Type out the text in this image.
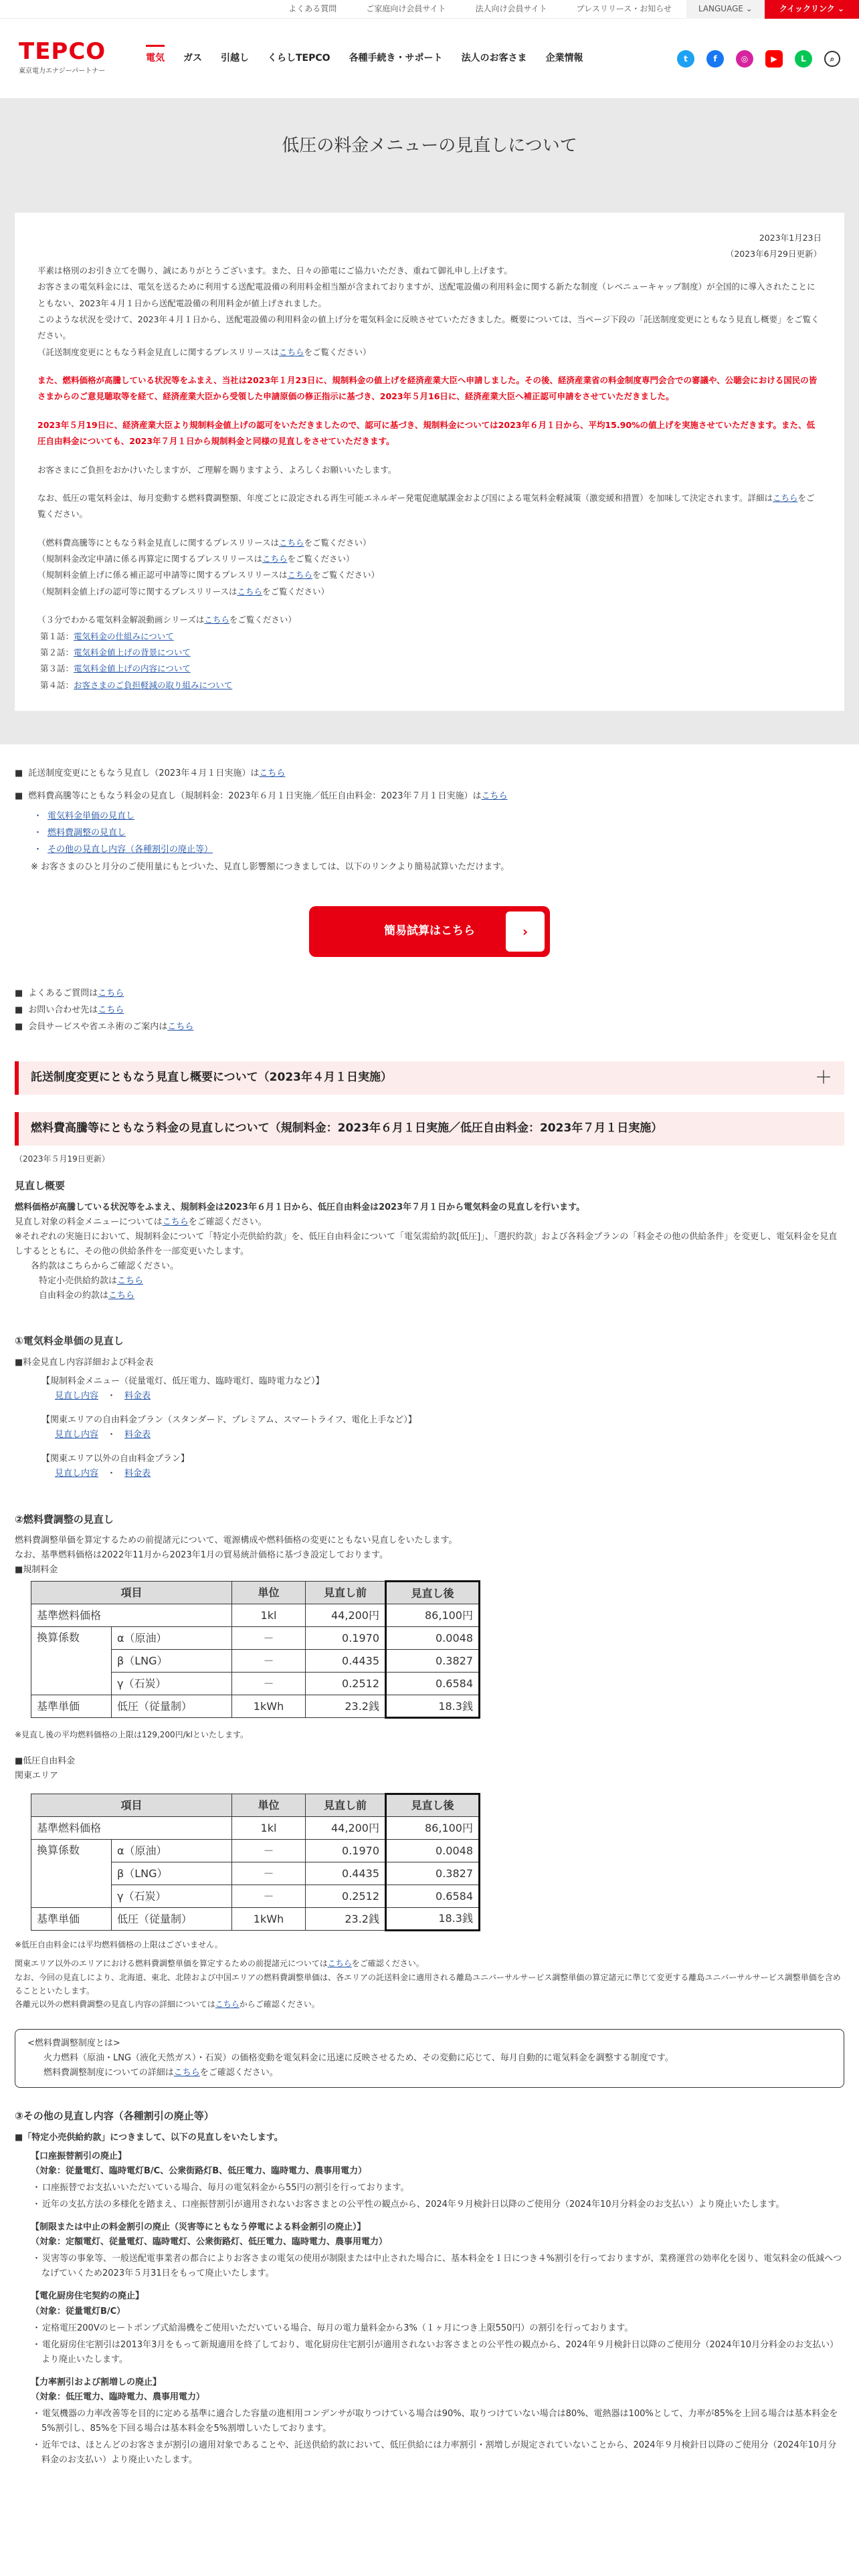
よくある質問	ご家庭向け会員サイト	法人向け会員サイト	プレスリリース・お知らせ	LANGUAGE ⌄	クイックリンク ⌄
TEPCO
東京電力エナジーパートナー
電気 ガス 引越し くらしTEPCO 各種手続き・サポート 法人のお客さま 企業情報	t	f	◎	▶	L	⌕
低圧の料金メニューの見直しについて
2023年1月23日
（2023年6月29日更新）

平素は格別のお引き立てを賜り、誠にありがとうございます。また、日々の節電にご協力いただき、重ねて御礼申し上げます。

お客さまの電気料金には、電気を送るために利用する送配電設備の利用料金相当額が含まれておりますが、送配電設備の利用料金に関する新たな制度（レベニューキャップ制度）が全国的に導入されたことにともない、2023年４月１日から送配電設備の利用料金が値上げされました。

このような状況を受けて、2023年４月１日から、送配電設備の利用料金の値上げ分を電気料金に反映させていただきました。概要については、当ページ下段の「託送制度変更にともなう見直し概要」をご覧ください。

（託送制度変更にともなう料金見直しに関するプレスリリースはこちらをご覧ください）

また、燃料価格が高騰している状況等をふまえ、当社は2023年１月23日に、規制料金の値上げを経済産業大臣へ申請しました。その後、経済産業省の料金制度専門会合での審議や、公聴会における国民の皆さまからのご意見聴取等を経て、経済産業大臣から受領した申請原価の修正指示に基づき、2023年５月16日に、経済産業大臣へ補正認可申請をさせていただきました。

2023年５月19日に、経済産業大臣より規制料金値上げの認可をいただきましたので、認可に基づき、規制料金については2023年６月１日から、平均15.90%の値上げを実施させていただきます。また、低圧自由料金についても、2023年７月１日から規制料金と同様の見直しをさせていただきます。

お客さまにご負担をおかけいたしますが、ご理解を賜りますよう、よろしくお願いいたします。

なお、低圧の電気料金は、毎月変動する燃料費調整額、年度ごとに設定される再生可能エネルギー発電促進賦課金および国による電気料金軽減策（激変緩和措置）を加味して決定されます。詳細はこちらをご覧ください。

（燃料費高騰等にともなう料金見直しに関するプレスリリースはこちらをご覧ください）

（規制料金改定申請に係る再算定に関するプレスリリースはこちらをご覧ください）

（規制料金値上げに係る補正認可申請等に関するプレスリリースはこちらをご覧ください）

（規制料金値上げの認可等に関するプレスリリースはこちらをご覧ください）

（３分でわかる電気料金解説動画シリーズはこちらをご覧ください）

第１話：電気料金の仕組みについて

第２話：電気料金値上げの背景について

第３話：電気料金値上げの内容について

第４話：お客さまのご負担軽減の取り組みについて

■ 託送制度変更にともなう見直し（2023年４月１日実施）はこちら
■ 燃料費高騰等にともなう料金の見直し（規制料金：2023年６月１日実施／低圧自由料金：2023年７月１日実施）はこちら
・ 電気料金単価の見直し
・ 燃料費調整の見直し
・ その他の見直し内容（各種割引の廃止等）

※ お客さまのひと月分のご使用量にもとづいた、見直し影響額につきましては、以下のリンクより簡易試算いただけます。

簡易試算はこちら	›
■ よくあるご質問はこちら
■ お問い合わせ先はこちら
■ 会員サービスや省エネ術のご案内はこちら
託送制度変更にともなう見直し概要について（2023年４月１日実施）	＋
燃料費高騰等にともなう料金の見直しについて（規制料金：2023年６月１日実施／低圧自由料金：2023年７月１日実施）

（2023年５月19日更新）

見直し概要

燃料価格が高騰している状況等をふまえ、規制料金は2023年６月１日から、低圧自由料金は2023年７月１日から電気料金の見直しを行います。

見直し対象の料金メニューについてはこちらをご確認ください。

※それぞれの実施日において、規制料金について「特定小売供給約款」を、低圧自由料金について「電気需給約款[低圧]」、「選択約款」および各料金プランの「料金その他の供給条件」を変更し、電気料金を見直しするとともに、その他の供給条件を一部変更いたします。

各約款はこちらからご確認ください。

特定小売供給約款はこちら

自由料金の約款はこちら

①電気料金単価の見直し

■料金見直し内容詳細および料金表

【規制料金メニュー（従量電灯、低圧電力、臨時電灯、臨時電力など）】

見直し内容　・　料金表

【関東エリアの自由料金プラン（スタンダード、プレミアム、スマートライフ、電化上手など）】

見直し内容　・　料金表

【関東エリア以外の自由料金プラン】

見直し内容　・　料金表

②燃料費調整の見直し

燃料費調整単価を算定するための前提諸元について、電源構成や燃料価格の変更にともない見直しをいたします。

なお、基準燃料価格は2022年11月から2023年1月の貿易統計価格に基づき設定しております。

■規制料金

項目		単位	見直し前	見直し後
基準燃料価格		1kl	44,200円	86,100円
換算係数	α（原油）	－	0.1970	0.0048
	β（LNG）	－	0.4435	0.3827
	γ（石炭）	－	0.2512	0.6584
基準単価	低圧（従量制）	1kWh	23.2銭	18.3銭

※見直し後の平均燃料価格の上限は129,200円/klといたします。

■低圧自由料金

関東エリア

項目		単位	見直し前	見直し後
基準燃料価格		1kl	44,200円	86,100円
換算係数	α（原油）	－	0.1970	0.0048
	β（LNG）	－	0.4435	0.3827
	γ（石炭）	－	0.2512	0.6584
基準単価	低圧（従量制）	1kWh	23.2銭	18.3銭

※低圧自由料金には平均燃料価格の上限はございません。

関東エリア以外のエリアにおける燃料費調整単価を算定するための前提諸元についてはこちらをご確認ください。

なお、今回の見直しにより、北海道、東北、北陸および中国エリアの燃料費調整単価は、各エリアの託送料金に適用される離島ユニバーサルサービス調整単価の算定諸元に準じて変更する離島ユニバーサルサービス調整単価を含めることといたします。

各離元以外の燃料費調整の見直し内容の詳細についてはこちらからご確認ください。

<燃料費調整制度とは>

火力燃料（原油・LNG（液化天然ガス）・石炭）の価格変動を電気料金に迅速に反映させるため、その変動に応じて、毎月自動的に電気料金を調整する制度です。

燃料費調整制度についての詳細はこちらをご確認ください。

③その他の見直し内容（各種割引の廃止等）

■「特定小売供給約款」につきまして、以下の見直しをいたします。

【口座振替割引の廃止】

（対象：従量電灯、臨時電灯B/C、公衆街路灯B、低圧電力、臨時電力、農事用電力）

・ 口座振替でお支払いいただいている場合、毎月の電気料金から55円の割引を行っております。
・ 近年の支払方法の多様化を踏まえ、口座振替割引が適用されないお客さまとの公平性の観点から、2024年９月検針日以降のご使用分（2024年10月分料金のお支払い）より廃止いたします。

【制限または中止の料金割引の廃止（災害等にともなう停電による料金割引の廃止）】

（対象：定額電灯、従量電灯、臨時電灯、公衆街路灯、低圧電力、臨時電力、農事用電力）

・ 災害等の事象等、一般送配電事業者の都合によりお客さまの電気の使用が制限または中止された場合に、基本料金を１日につき４%割引を行っておりますが、業務運営の効率化を図り、電気料金の低減へつなげていくため2023年５月31日をもって廃止いたします。

【電化厨房住宅契約の廃止】

（対象：従量電灯B/C）

・ 定格電圧200Vのヒートポンプ式給湯機をご使用いただいている場合、毎月の電力量料金から3%（１ヶ月につき上限550円）の割引を行っております。
・ 電化厨房住宅割引は2013年3月をもって新規適用を終了しており、電化厨房住宅割引が適用されないお客さまとの公平性の観点から、2024年９月検針日以降のご使用分（2024年10月分料金のお支払い）より廃止いたします。

【力率割引および割増しの廃止】

（対象：低圧電力、臨時電力、農事用電力）

・ 電気機器の力率改善等を目的に定める基準に適合した容量の進相用コンデンサが取りつけている場合は90%、取りつけていない場合は80%、電熱器は100%として、力率が85%を上回る場合は基本料金を5%割引し、85%を下回る場合は基本料金を5%割増しいたしております。
・ 近年では、ほとんどのお客さまが割引の適用対象であることや、託送供給約款において、低圧供給には力率割引・割増しが規定されていないことから、2024年９月検針日以降のご使用分（2024年10月分料金のお支払い）より廃止いたします。
